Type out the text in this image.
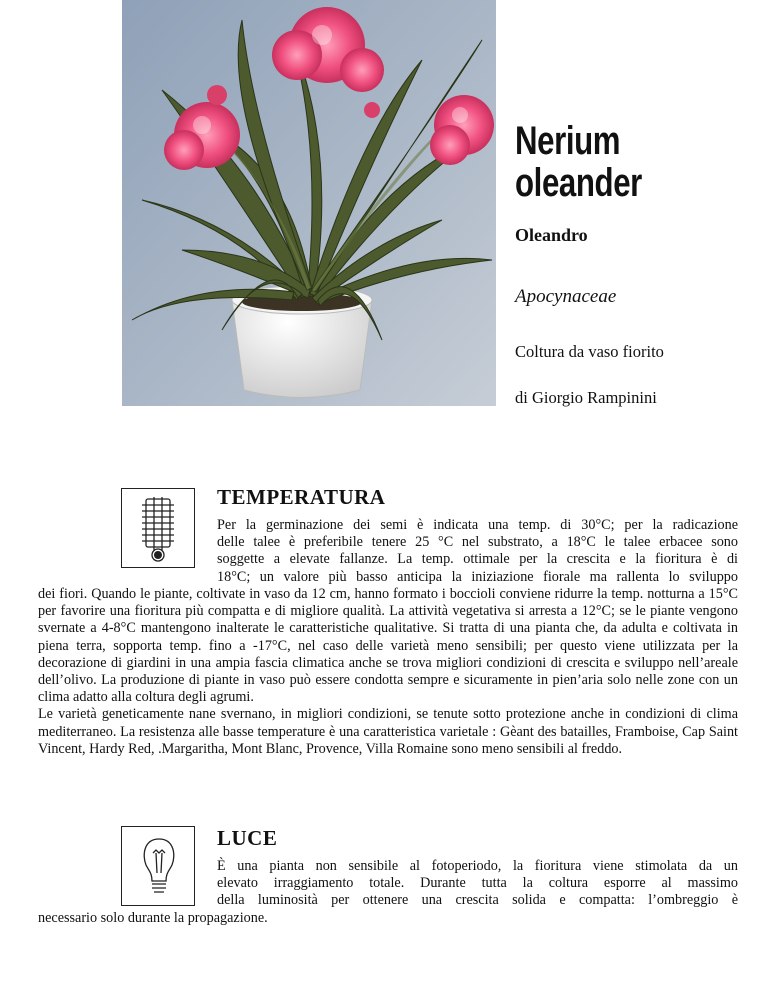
Nerium
oleander
Oleandro
Apocynaceae
Coltura da vaso fiorito
di Giorgio Rampinini
TEMPERATURA
Per la germinazione dei semi è indicata una temp. di 30°C; per la radicazione
delle talee è preferibile tenere 25 °C nel substrato, a 18°C le talee erbacee sono
soggette a elevate fallanze. La temp. ottimale per la crescita e la fioritura è di
18°C; un valore più basso anticipa la iniziazione fiorale ma rallenta lo sviluppo

dei fiori. Quando le piante, coltivate in vaso da 12 cm, hanno formato i boccioli conviene ridurre la temp. notturna a 15°C per favorire una fioritura più compatta e di migliore qualità. La attività vegetativa si arresta a 12°C; se le piante vengono svernate a 4-8°C mantengono inalterate le caratteristiche qualitative. Si tratta di una pianta che, da adulta e coltivata in piena terra, sopporta temp. fino a -17°C, nel caso delle varietà meno sensibili; per questo viene utilizzata per la decorazione di giardini in una ampia fascia climatica anche se trova migliori condizioni di crescita e sviluppo nell’areale dell’olivo. La produzione di piante in vaso può essere condotta sempre e sicuramente in pien’aria solo nelle zone con un clima adatto alla coltura degli agrumi.

Le varietà geneticamente nane svernano, in migliori condizioni, se tenute sotto protezione anche in condizioni di clima mediterraneo. La resistenza alle basse temperature è una caratteristica varietale : Gèant des batailles, Framboise, Cap Saint Vincent, Hardy Red, .Margaritha, Mont Blanc, Provence, Villa Romaine sono meno sensibili al freddo.

LUCE
È una pianta non sensibile al fotoperiodo, la fioritura viene stimolata da un
elevato irraggiamento totale. Durante tutta la coltura esporre al massimo
della luminosità per ottenere una crescita solida e compatta: l’ombreggio è

necessario solo durante la propagazione.
